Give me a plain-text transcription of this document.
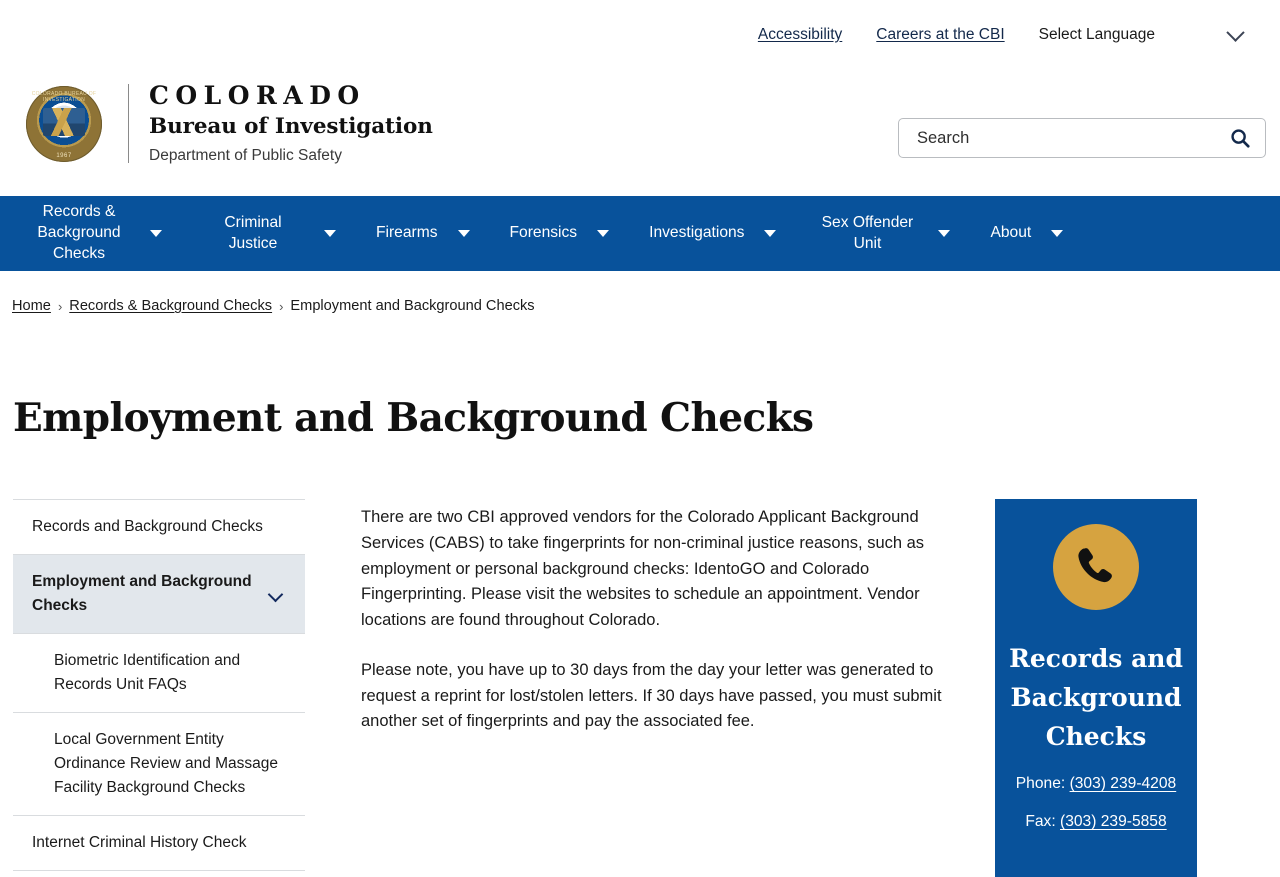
Accessibility Careers at the CBI Select Language
COLORADO BUREAU OF INVESTIGATION
1967
COLORADO
Bureau of Investigation
Department of Public Safety
Search
Records & Background Checks
Criminal Justice
Firearms	Forensics	Investigations
Sex Offender Unit
About
Home › Records & Background Checks › Employment and Background Checks
Employment and Background Checks
Records and Background Checks
Employment and Background Checks
Biometric Identification and Records Unit FAQs
Local Government Entity Ordinance Review and Massage Facility Background Checks
Internet Criminal History Check

There are two CBI approved vendors for the Colorado Applicant Background Services (CABS) to take fingerprints for non-criminal justice reasons, such as employment or personal background checks: IdentoGO and Colorado Fingerprinting. Please visit the websites to schedule an appointment. Vendor locations are found throughout Colorado.

Please note, you have up to 30 days from the day your letter was generated to request a reprint for lost/stolen letters. If 30 days have passed, you must submit another set of fingerprints and pay the associated fee.

Records and Background Checks
Phone: (303) 239-4208
Fax: (303) 239-5858
